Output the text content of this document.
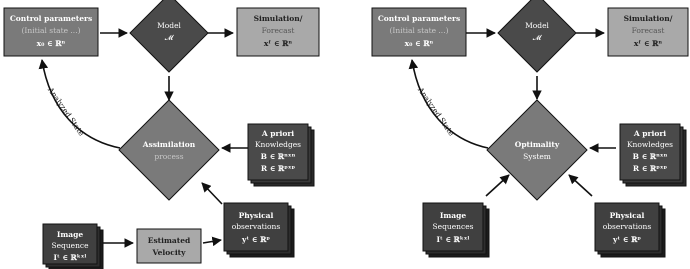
Control parameters
(Initial state ...)
x₀ ∈ ℝⁿ
Model
𝓜
Simulation/
Forecast
xᶠ ∈ ℝⁿ
Analyzed State
Assimilation
process
A priori
Knowledges
B ∈ ℝⁿˣⁿ
R ∈ ℝᵖˣᵖ
Image
Sequence
Iᵗ ∈ ℝᵏˣˡ
Estimated
Velocity
Physical
observations
yᵗ ∈ ℝᵖ
Control parameters
(Initial state ...)
x₀ ∈ ℝⁿ
Model
𝓜
Simulation/
Forecast
xᶠ ∈ ℝⁿ
Analyzed State
Optimality
System
A priori
Knowledges
B ∈ ℝⁿˣⁿ
R ∈ ℝᵖˣᵖ
Image
Sequences
Iᵗ ∈ ℝᵏˣˡ
Physical
observations
yᵗ ∈ ℝᵖ
